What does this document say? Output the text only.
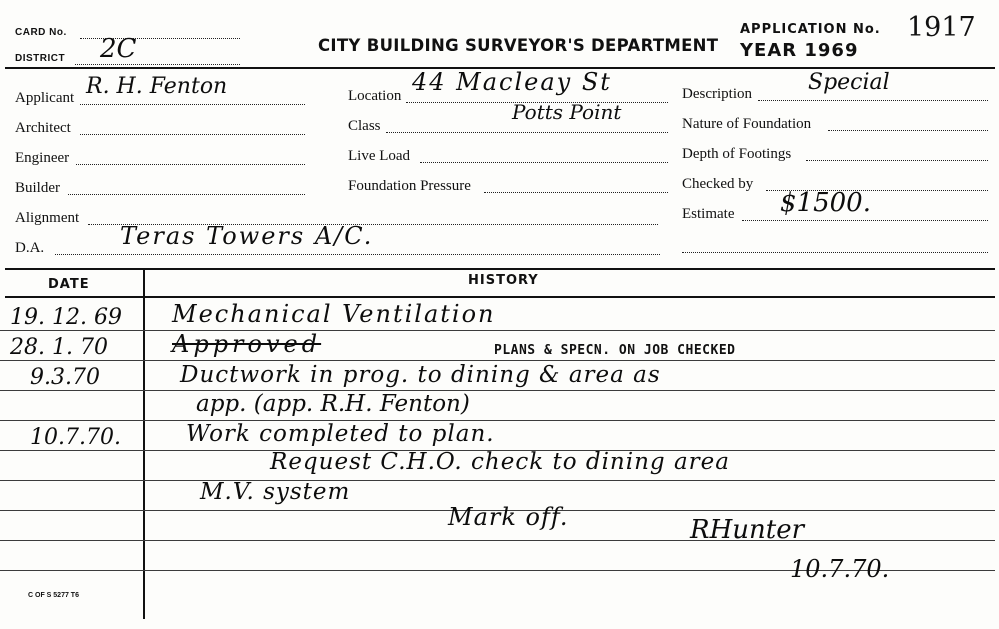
CARD No.
DISTRICT 2C	CITY BUILDING SURVEYOR'S DEPARTMENT
APPLICATION No. 1917
YEAR 1969
Applicant R. H. Fenton
Architect
Engineer
Builder
Alignment
D.A.	Teras Towers A/C.
Location 44 Macleay St
Potts Point
Class
Live Load
Foundation Pressure
Description	Special
Nature of Foundation
Depth of Footings
Checked by
Estimate $1500.
DATE	HISTORY
19. 12. 69 Mechanical Ventilation
28. 1. 70	Approved	PLANS & SPECN. ON JOB CHECKED
9.3.70	Ductwork in prog. to dining & area as
app. (app. R.H. Fenton)
10.7.70.	Work completed to plan.
Request C.H.O. check to dining area
M.V. system
Mark off.	RHunter
10.7.70.
C OF S 5277 T6
